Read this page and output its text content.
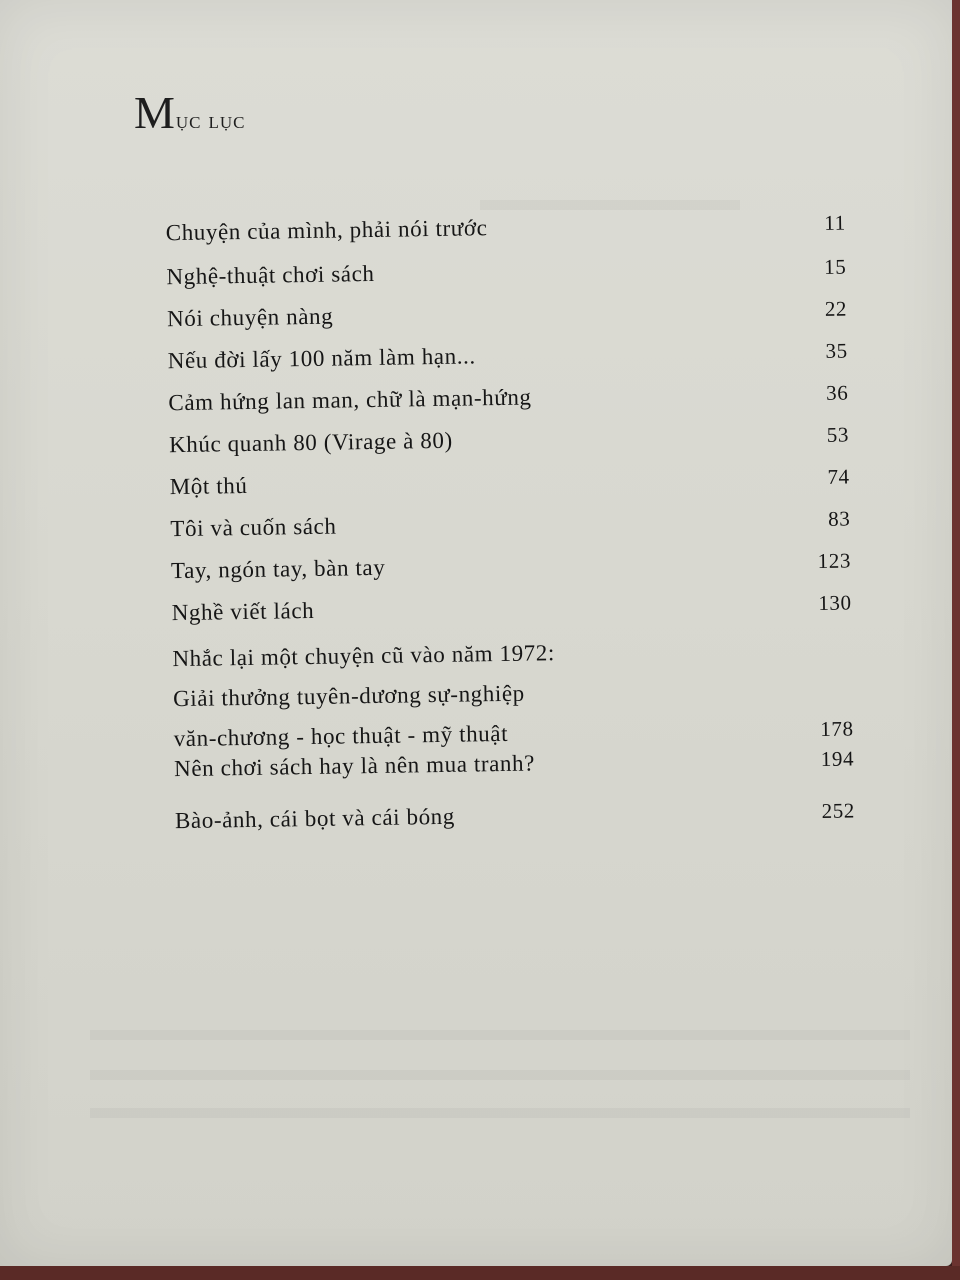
Mục lục
Chuyện của mình, phải nói trước	11
Nghệ-thuật chơi sách	15
Nói chuyện nàng	22
Nếu đời lấy 100 năm làm hạn...	35
Cảm hứng lan man, chữ là mạn-hứng	36
Khúc quanh 80 (Virage à 80)	53
Một thú	74
Tôi và cuốn sách	83
Tay, ngón tay, bàn tay	123
Nghề viết lách	130
Nhắc lại một chuyện cũ vào năm 1972:
Giải thưởng tuyên-dương sự-nghiệp
văn-chương - học thuật - mỹ thuật	178
Nên chơi sách hay là nên mua tranh?	194
Bào-ảnh, cái bọt và cái bóng	252
